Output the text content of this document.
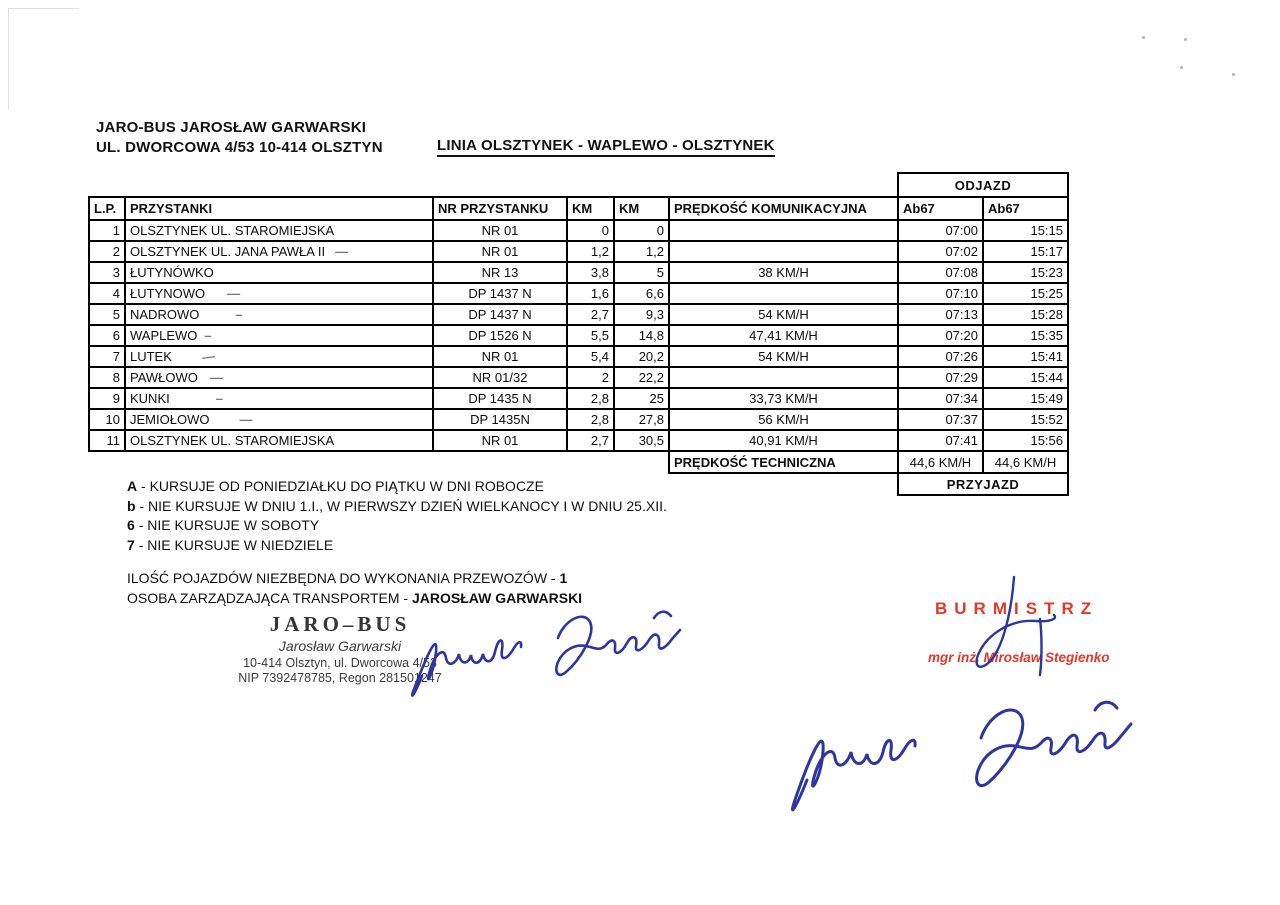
JARO-BUS JAROSŁAW GARWARSKI
UL. DWORCOWA 4/53 10-414 OLSZTYN	LINIA OLSZTYNEK - WAPLEWO - OLSZTYNEK
						ODJAZD	
L.P.	PRZYSTANKI	NR PRZYSTANKU	KM	KM	PRĘDKOŚĆ KOMUNIKACYJNA	Ab67	Ab67
1	OLSZTYNEK UL. STAROMIEJSKA	NR 01	0	0		07:00	15:15
2	OLSZTYNEK UL. JANA PAWŁA II —	NR 01	1,2	1,2		07:02	15:17
3	ŁUTYNÓWKO	NR 13	3,8	5	38 KM/H	07:08	15:23
4	ŁUTYNOWO —	DP 1437 N	1,6	6,6		07:10	15:25
5	NADROWO –	DP 1437 N	2,7	9,3	54 KM/H	07:13	15:28
6	WAPLEWO –	DP 1526 N	5,5	14,8	47,41 KM/H	07:20	15:35
7	LUTEK —	NR 01	5,4	20,2	54 KM/H	07:26	15:41
8	PAWŁOWO —	NR 01/32	2	22,2		07:29	15:44
9	KUNKI –	DP 1435 N	2,8	25	33,73 KM/H	07:34	15:49
10	JEMIOŁOWO —	DP 1435N	2,8	27,8	56 KM/H	07:37	15:52
11	OLSZTYNEK UL. STAROMIEJSKA	NR 01	2,7	30,5	40,91 KM/H	07:41	15:56
					PRĘDKOŚĆ TECHNICZNA	44,6 KM/H	44,6 KM/H
						PRZYJAZD	
A - KURSUJE OD PONIEDZIAŁKU DO PIĄTKU W DNI ROBOCZE
b - NIE KURSUJE W DNIU 1.I., W PIERWSZY DZIEŃ WIELKANOCY I W DNIU 25.XII.
6 - NIE KURSUJE W SOBOTY
7 - NIE KURSUJE W NIEDZIELE
ILOŚĆ POJAZDÓW NIEZBĘDNA DO WYKONANIA PRZEWOZÓW - 1
OSOBA ZARZĄDZAJĄCA TRANSPORTEM - JAROSŁAW GARWARSKI
JARO–BUS
Jarosław Garwarski
10-414 Olsztyn, ul. Dworcowa 4/53
NIP 7392478785, Regon 281501247
BURMISTRZ
mgr inż. Mirosław Stegienko
